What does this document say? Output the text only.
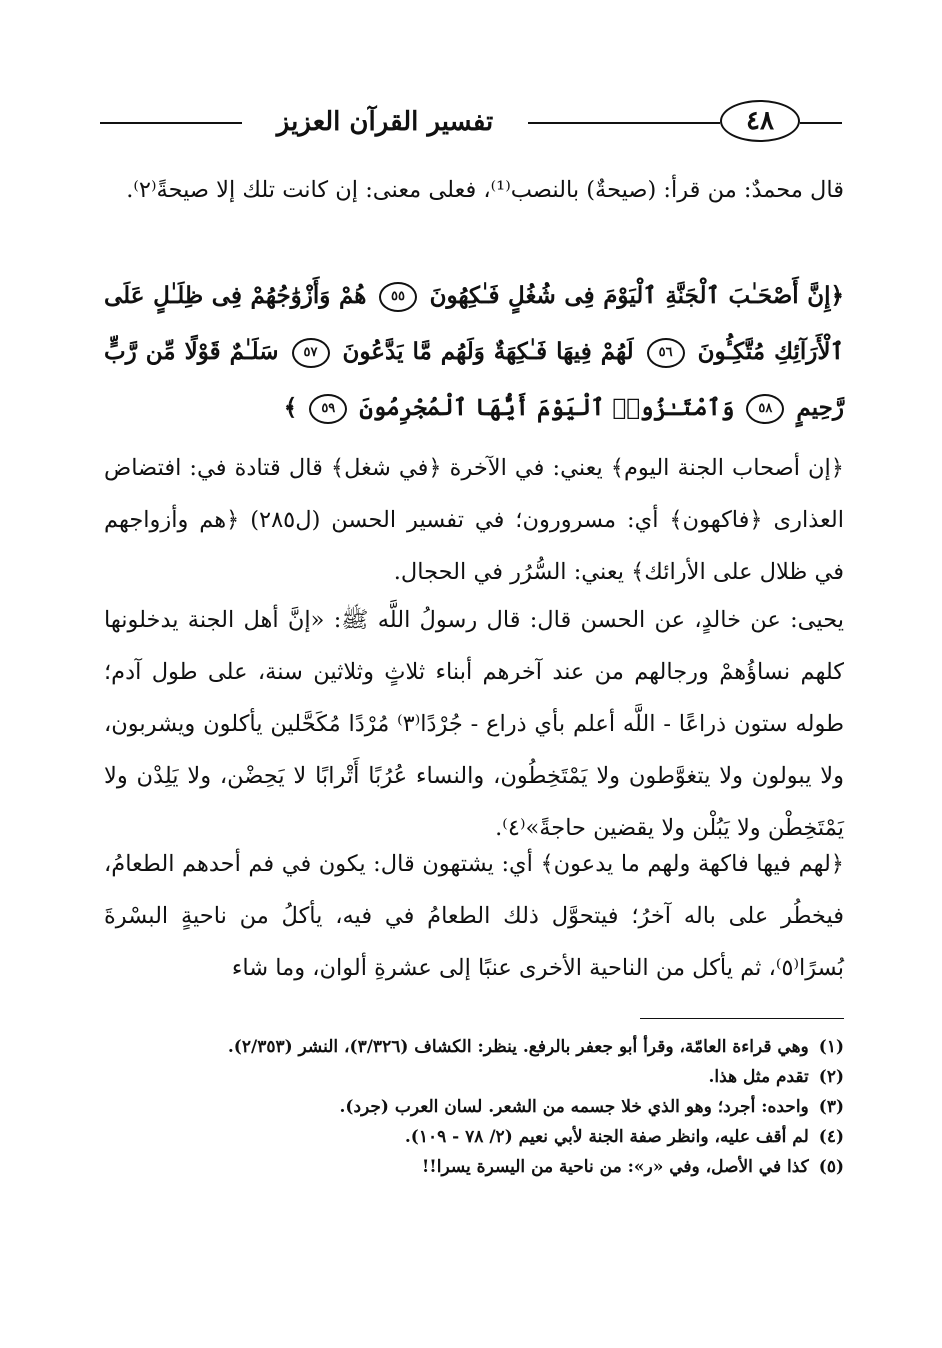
تفسير القرآن العزيز	٤٨

قال محمدٌ: من قرأ: (صيحةٌ) بالنصب⁽¹⁾، فعلى معنى: إن كانت تلك إلا صيحةً⁽٢⁾.

﴿إِنَّ أَصْحَـٰبَ ٱلْجَنَّةِ ٱلْيَوْمَ فِى شُغُلٍ فَـٰكِهُونَ ٥٥ هُمْ وَأَزْوَٰجُهُمْ فِى ظِلَـٰلٍ عَلَى ٱلْأَرَآئِكِ مُتَّكِـُٔونَ ٥٦ لَهُمْ فِيهَا فَـٰكِهَةٌ وَلَهُم مَّا يَدَّعُونَ ٥٧ سَلَـٰمٌ قَوْلًا مِّن رَّبٍّ رَّحِيمٍ ٥٨ وَٱمْتَـٰزُوا۟ ٱلْيَوْمَ أَيُّهَا ٱلْمُجْرِمُونَ ٥٩ ﴾

﴿إن أصحاب الجنة اليوم﴾ يعني: في الآخرة ﴿في شغل﴾ قال قتادة في: افتضاض العذارى ﴿فاكهون﴾ أي: مسرورون؛ في تفسير الحسن (ل٢٨٥) ﴿هم وأزواجهم في ظلال على الأرائك﴾ يعني: السُّرُر في الحجال.

يحيى: عن خالدٍ، عن الحسن قال: قال رسولُ اللَّه ﷺ: «إنَّ أهل الجنة يدخلونها كلهم نساؤُهمْ ورجالهم من عند آخرهم أبناء ثلاثٍ وثلاثين سنة، على طول آدم؛ طوله ستون ذراعًا - اللَّه أعلم بأي ذراع - جُرْدًا⁽٣⁾ مُرْدًا مُكَحَّلين يأكلون ويشربون، ولا يبولون ولا يتغوَّطون ولا يَمْتَخِطُون، والنساء عُرُبًا أَتْرابًا لا يَحِضْن، ولا يَلِدْن ولا يَمْتَخِطْن ولا يَبُلْن ولا يقضين حاجةً»⁽٤⁾.

﴿لهم فيها فاكهة ولهم ما يدعون﴾ أي: يشتهون قال: يكون في فم أحدهم الطعامُ، فيخطُر على باله آخرُ؛ فيتحوَّل ذلك الطعامُ في فيه، يأكلُ من ناحيةٍ البسْرةَ بُسرًا⁽٥⁾، ثم يأكل من الناحية الأخرى عنبًا إلى عشرةِ ألوان، وما شاء

(١)وهي قراءة العامّة، وقرأ أبو جعفر بالرفع. ينظر: الكشاف (٣/٣٢٦)، النشر (٢/٣٥٣).
(٢)تقدم مثل هذا.
(٣)واحده: أجرد؛ وهو الذي خلا جسمه من الشعر. لسان العرب (جرد).
(٤)لم أقف عليه، وانظر صفة الجنة لأبي نعيم (٢/ ٧٨ - ١٠٩).
(٥)كذا في الأصل، وفي «ر»: من ناحية من اليسرة يسرا!!
